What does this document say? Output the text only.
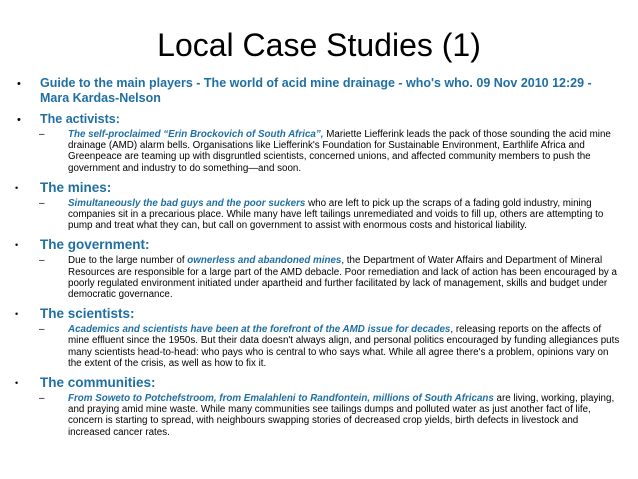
Local Case Studies (1)
• Guide to the main players - The world of acid mine drainage - who's who. 09 Nov 2010 12:29 - Mara Kardas-Nelson
• The activists:
– The self-proclaimed “Erin Brockovich of South Africa”, Mariette Liefferink leads the pack of those sounding the acid mine drainage (AMD) alarm bells. Organisations like Liefferink's Foundation for Sustainable Environment, Earthlife Africa and Greenpeace are teaming up with disgruntled scientists, concerned unions, and affected community members to push the government and industry to do something—and soon.
• The mines:
– Simultaneously the bad guys and the poor suckers who are left to pick up the scraps of a fading gold industry, mining companies sit in a precarious place. While many have left tailings unremediated and voids to fill up, others are attempting to pump and treat what they can, but call on government to assist with enormous costs and historical liability.
• The government:
– Due to the large number of ownerless and abandoned mines, the Department of Water Affairs and Department of Mineral Resources are responsible for a large part of the AMD debacle. Poor remediation and lack of action has been encouraged by a poorly regulated environment initiated under apartheid and further facilitated by lack of management, skills and budget under democratic governance.
• The scientists:
– Academics and scientists have been at the forefront of the AMD issue for decades, releasing reports on the affects of mine effluent since the 1950s. But their data doesn't always align, and personal politics encouraged by funding allegiances puts many scientists head-to-head: who pays who is central to who says what. While all agree there's a problem, opinions vary on the extent of the crisis, as well as how to fix it.
• The communities:
– From Soweto to Potchefstroom, from Emalahleni to Randfontein, millions of South Africans are living, working, playing, and praying amid mine waste. While many communities see tailings dumps and polluted water as just another fact of life, concern is starting to spread, with neighbours swapping stories of decreased crop yields, birth defects in livestock and increased cancer rates.
